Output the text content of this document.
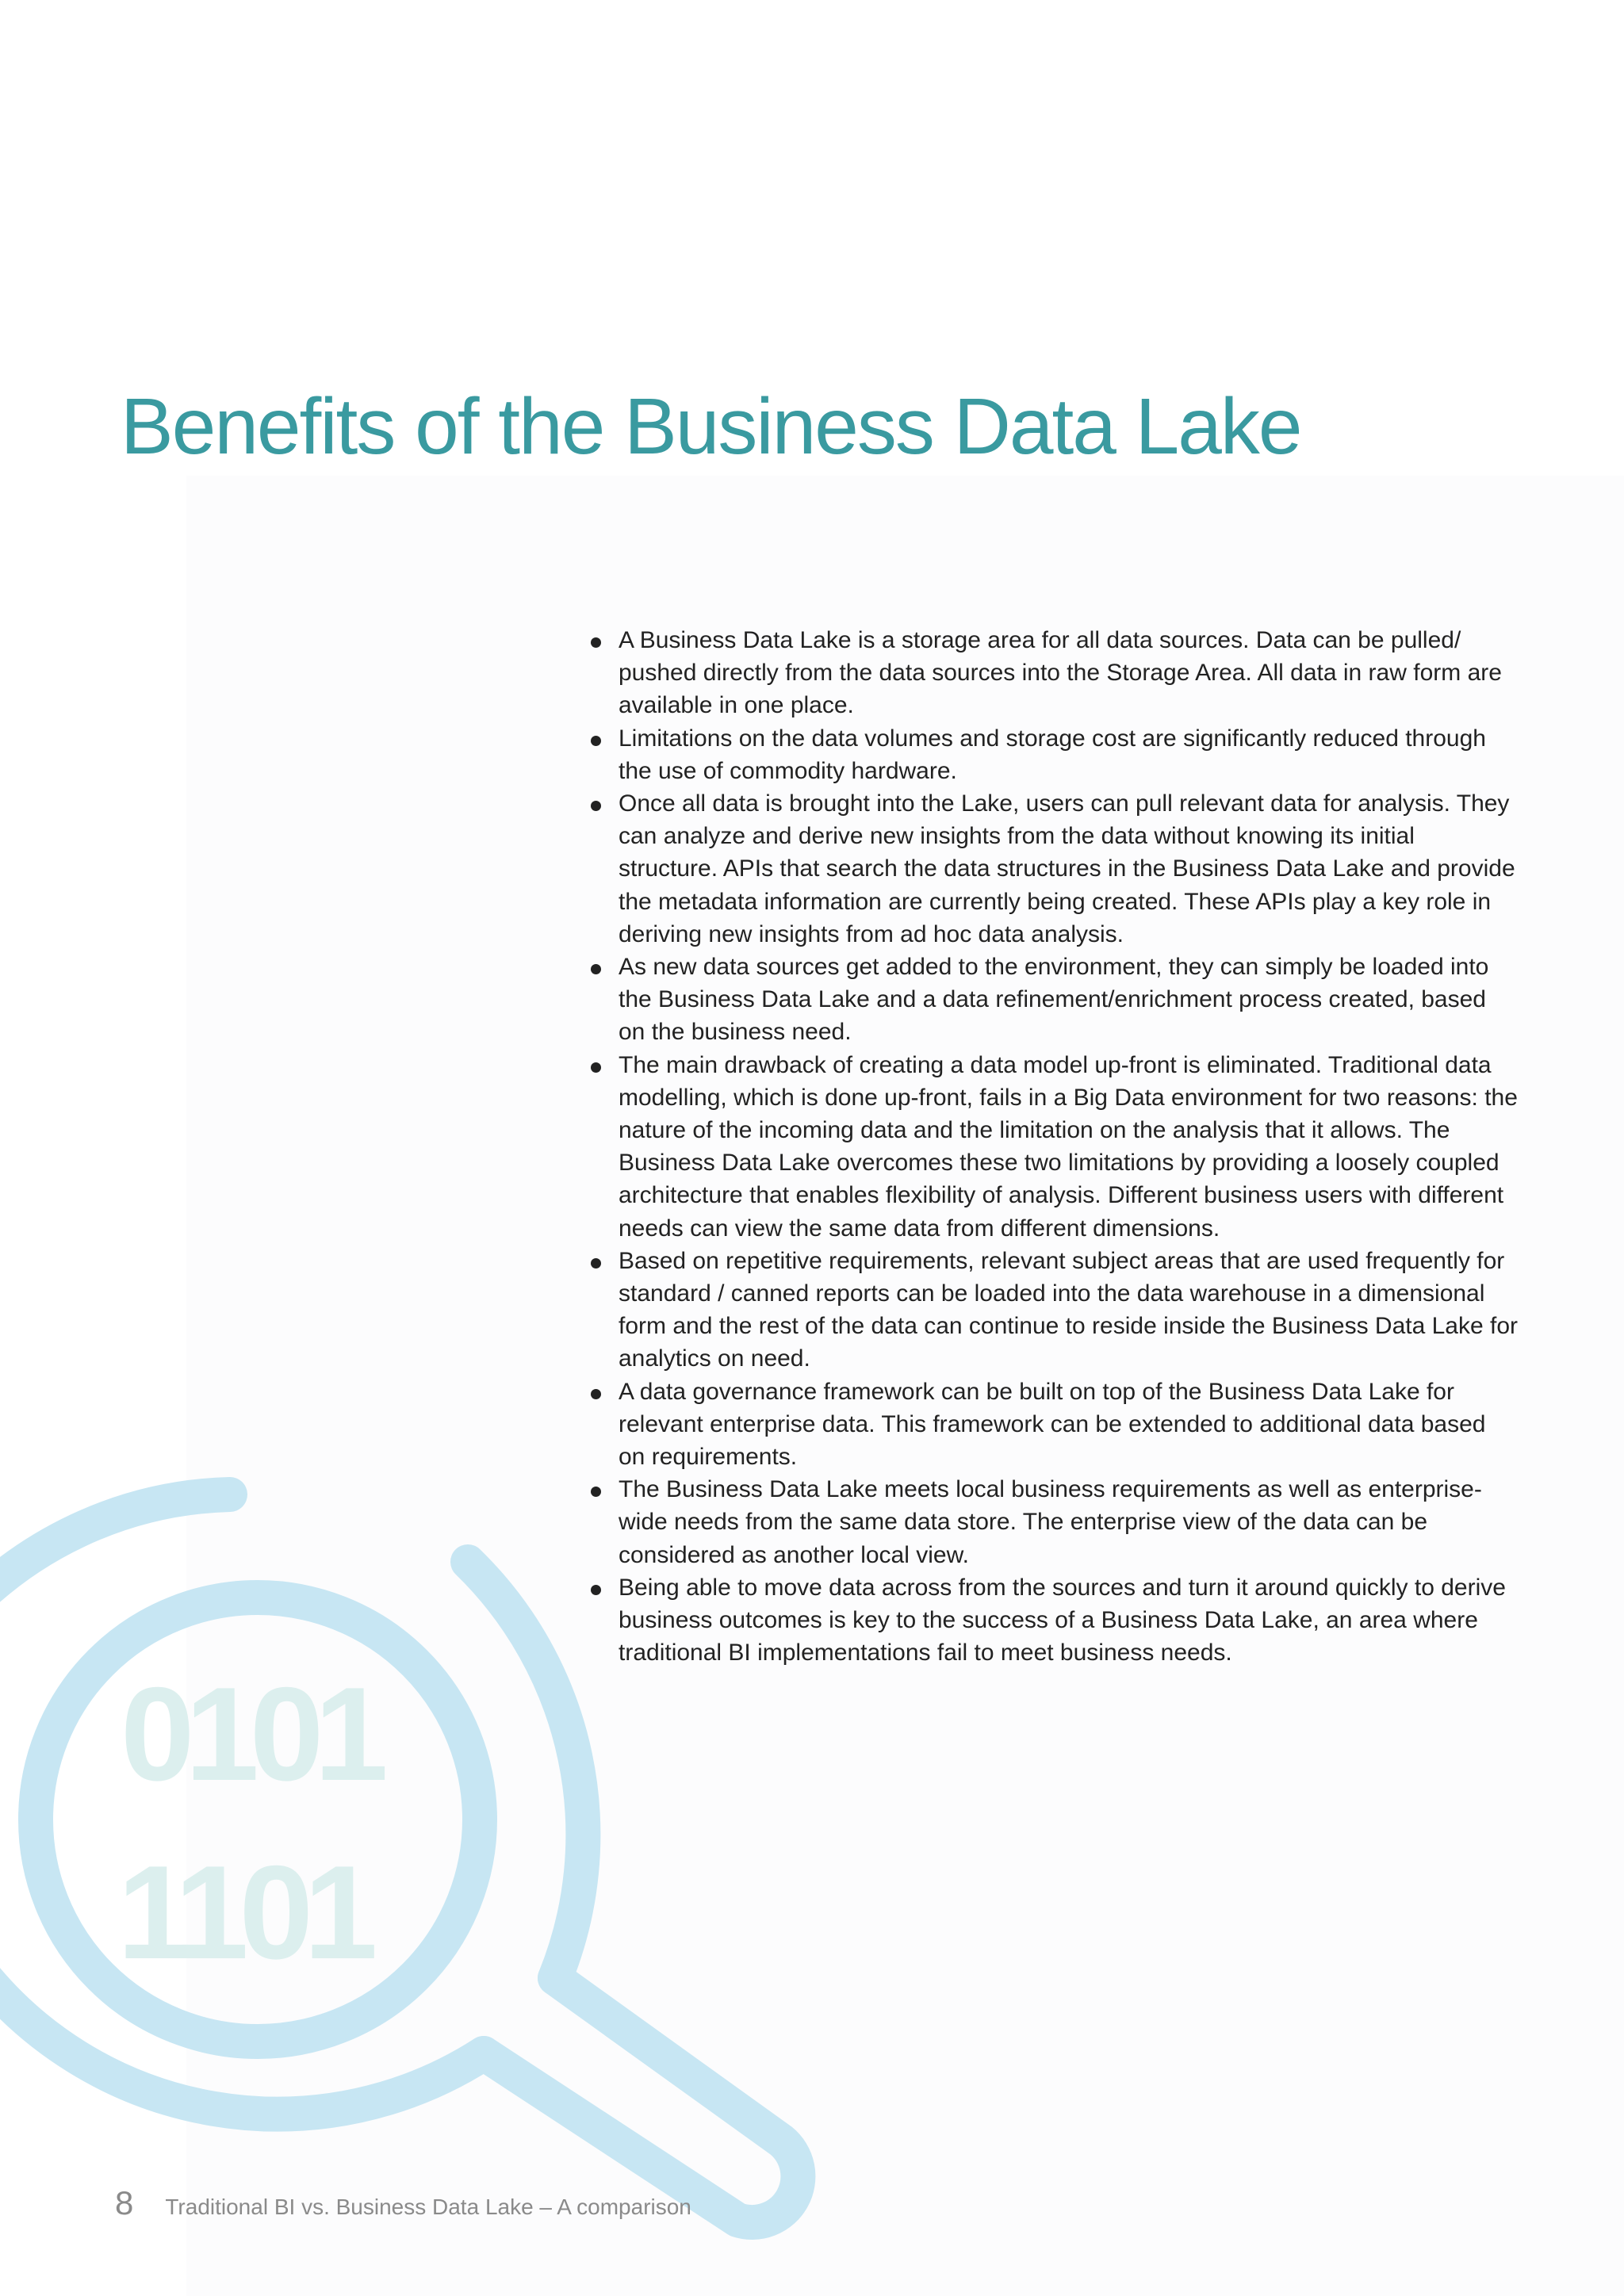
Benefits of the Business Data Lake
A Business Data Lake is a storage area for all data sources. Data can be pulled/ pushed directly from the data sources into the Storage Area. All data in raw form are available in one place.
Limitations on the data volumes and storage cost are significantly reduced through the use of commodity hardware.
Once all data is brought into the Lake, users can pull relevant data for analysis. They can analyze and derive new insights from the data without knowing its initial structure. APIs that search the data structures in the Business Data Lake and provide the metadata information are currently being created. These APIs play a key role in deriving new insights from ad hoc data analysis.
As new data sources get added to the environment, they can simply be loaded into the Business Data Lake and a data refinement/enrichment process created, based on the business need.
The main drawback of creating a data model up-front is eliminated. Traditional data modelling, which is done up-front, fails in a Big Data environment for two reasons: the nature of the incoming data and the limitation on the analysis that it allows. The Business Data Lake overcomes these two limitations by providing a loosely coupled architecture that enables flexibility of analysis. Different business users with different needs can view the same data from different dimensions.
Based on repetitive requirements, relevant subject areas that are used frequently for standard / canned reports can be loaded into the data warehouse in a dimensional form and the rest of the data can continue to reside inside the Business Data Lake for analytics on need.
A data governance framework can be built on top of the Business Data Lake for relevant enterprise data. This framework can be extended to additional data based on requirements.
The Business Data Lake meets local business requirements as well as enterprise-wide needs from the same data store. The enterprise view of the data can be considered as another local view.
Being able to move data across from the sources and turn it around quickly to derive business outcomes is key to the success of a Business Data Lake, an area where traditional BI implementations fail to meet business needs.
0101
1101
8 Traditional BI vs. Business Data Lake – A comparison
